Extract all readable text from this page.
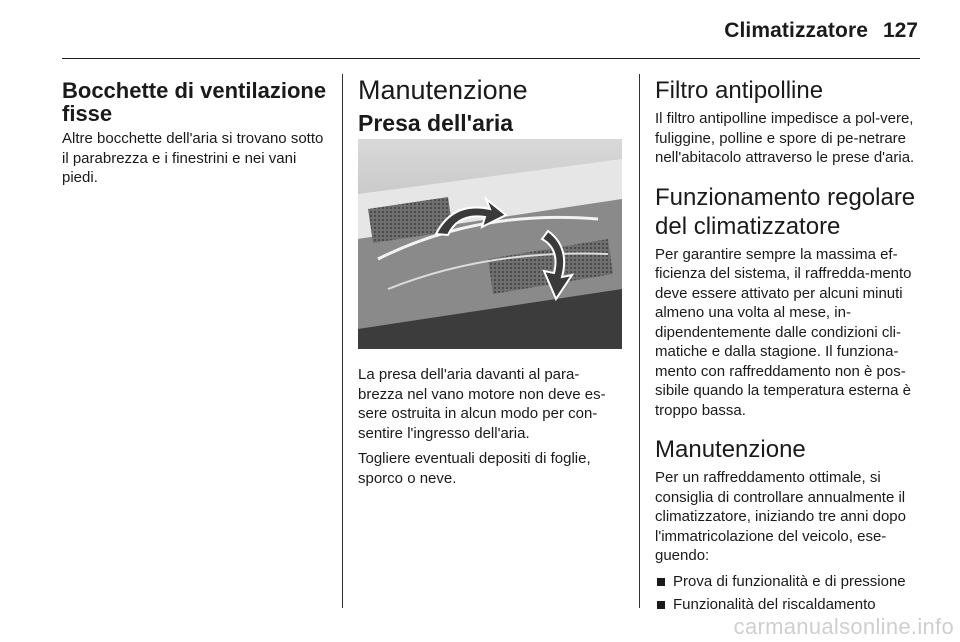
Climatizzatore 127
Bocchette di ventilazione fisse

Altre bocchette dell'aria si trovano sotto il parabrezza e i finestrini e nei vani piedi.

Manutenzione
Presa dell'aria

La presa dell'aria davanti al para-brezza nel vano motore non deve es-sere ostruita in alcun modo per con-sentire l'ingresso dell'aria.

Togliere eventuali depositi di foglie, sporco o neve.

Filtro antipolline

Il filtro antipolline impedisce a pol-vere, fuliggine, polline e spore di pe-netrare nell'abitacolo attraverso le prese d'aria.

Funzionamento regolare del climatizzatore

Per garantire sempre la massima ef-ficienza del sistema, il raffredda-mento deve essere attivato per alcuni minuti almeno una volta al mese, in-dipendentemente dalle condizioni cli-matiche e dalla stagione. Il funziona-mento con raffreddamento non è pos-sibile quando la temperatura esterna è troppo bassa.

Manutenzione

Per un raffreddamento ottimale, si consiglia di controllare annualmente il climatizzatore, iniziando tre anni dopo l'immatricolazione del veicolo, ese-guendo:

Prova di funzionalità e di pressione
Funzionalità del riscaldamento
carmanualsonline.info
